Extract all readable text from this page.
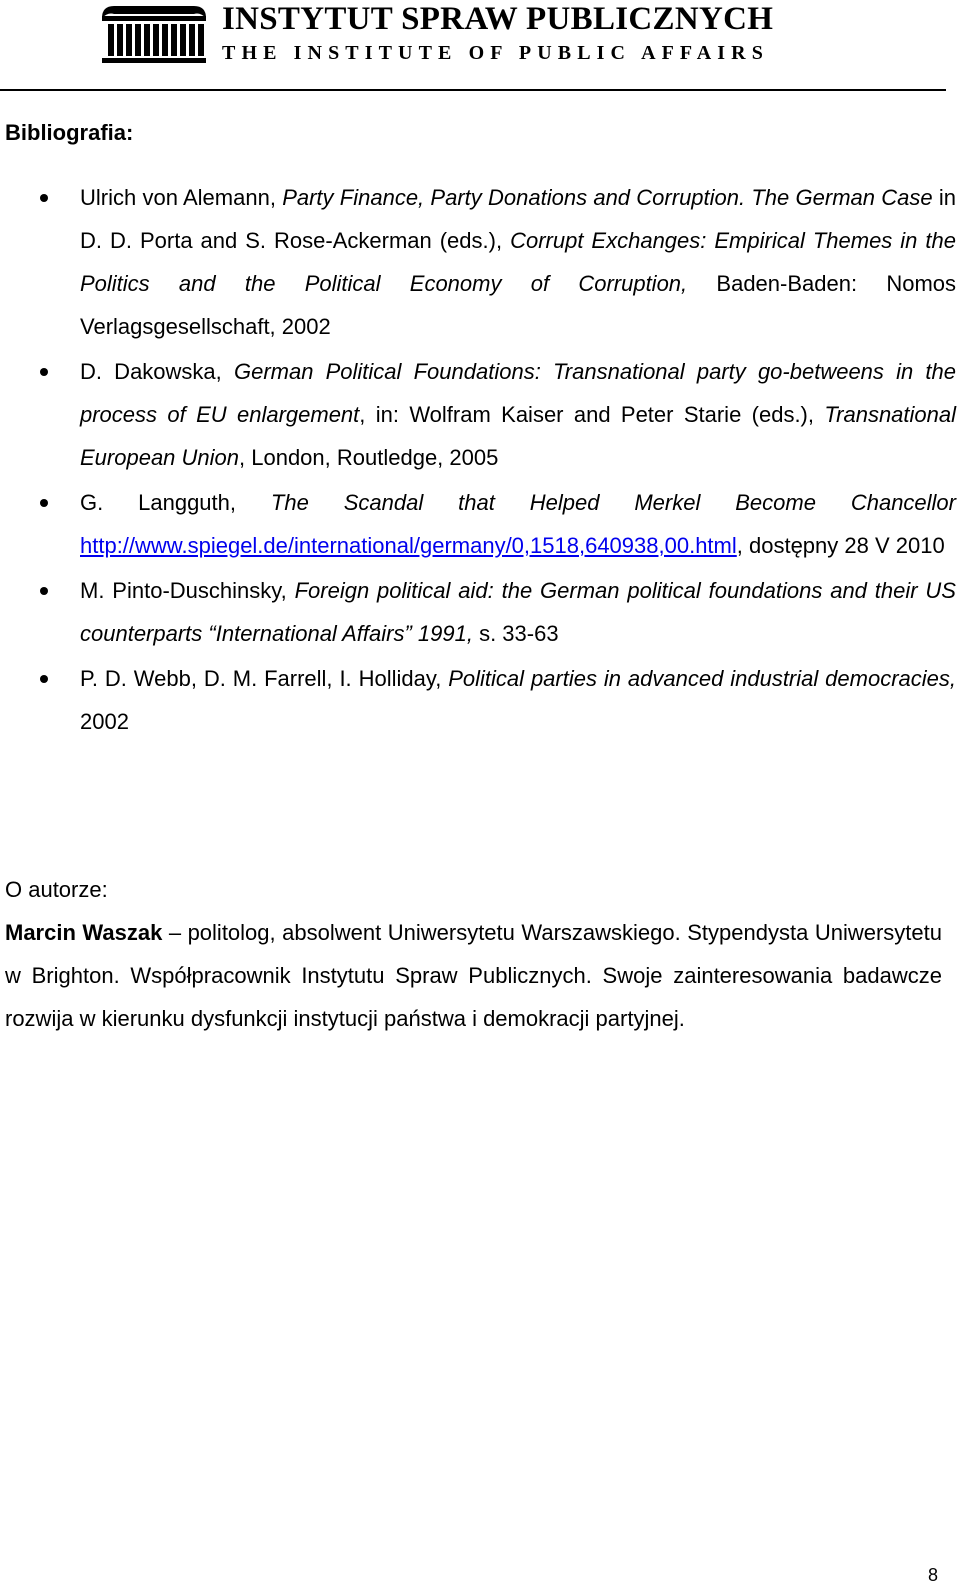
INSTYTUT SPRAW PUBLICZNYCH
THE INSTITUTE OF PUBLIC AFFAIRS
Bibliografia:
Ulrich von Alemann, Party Finance, Party Donations and Corruption. The German Case in D. D. Porta and S. Rose-Ackerman (eds.), Corrupt Exchanges: Empirical Themes in the Politics and the Political Economy of Corruption, Baden-Baden: Nomos Verlagsgesellschaft, 2002
D. Dakowska, German Political Foundations: Transnational party go-betweens in the process of EU enlargement, in: Wolfram Kaiser and Peter Starie (eds.), Transnational European Union, London, Routledge, 2005
G. Langguth, The Scandal that Helped Merkel Become Chancellor http://www.spiegel.de/international/germany/0,1518,640938,00.html, dostępny 28 V 2010
M. Pinto-Duschinsky, Foreign political aid: the German political foundations and their US counterparts “International Affairs” 1991, s. 33-63
P. D. Webb, D. M. Farrell, I. Holliday, Political parties in advanced industrial democracies, 2002
O autorze:

Marcin Waszak – politolog, absolwent Uniwersytetu Warszawskiego. Stypendysta Uniwersytetu w Brighton. Współpracownik Instytutu Spraw Publicznych. Swoje zainteresowania badawcze rozwija w kierunku dysfunkcji instytucji państwa i demokracji partyjnej.

8
